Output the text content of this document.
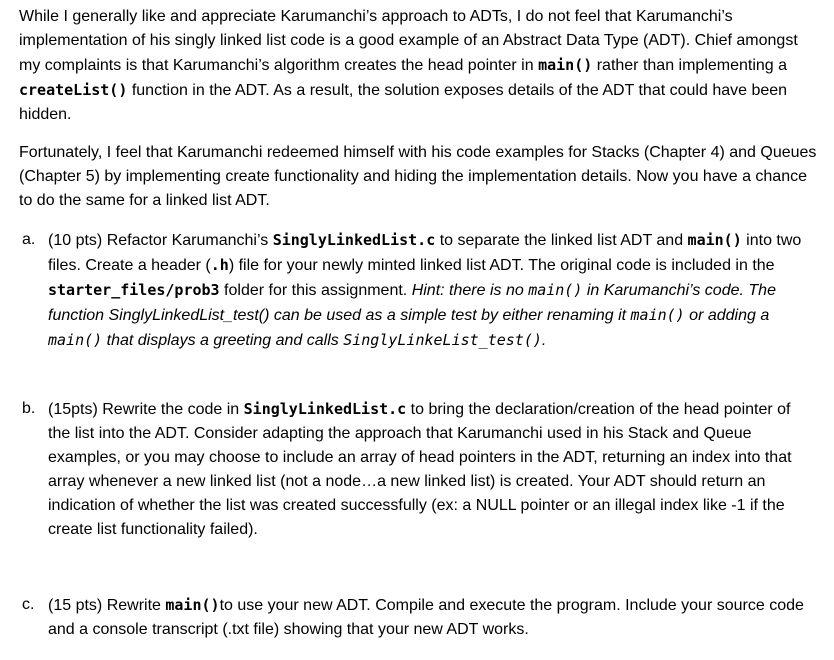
While I generally like and appreciate Karumanchi’s approach to ADTs, I do not feel that Karumanchi’s implementation of his singly linked list code is a good example of an Abstract Data Type (ADT). Chief amongst my complaints is that Karumanchi’s algorithm creates the head pointer in main() rather than implementing a createList() function in the ADT. As a result, the solution exposes details of the ADT that could have been hidden.
Fortunately, I feel that Karumanchi redeemed himself with his code examples for Stacks (Chapter 4) and Queues (Chapter 5) by implementing create functionality and hiding the implementation details. Now you have a chance to do the same for a linked list ADT.
a. (10 pts) Refactor Karumanchi’s SinglyLinkedList.c to separate the linked list ADT and main() into two files. Create a header (.h) file for your newly minted linked list ADT. The original code is included in the starter_files/prob3 folder for this assignment. Hint: there is no main() in Karumanchi’s code. The function SinglyLinkedList_test() can be used as a simple test by either renaming it main() or adding a main() that displays a greeting and calls SinglyLinkeList_test().
b. (15pts) Rewrite the code in SinglyLinkedList.c to bring the declaration/creation of the head pointer of the list into the ADT. Consider adapting the approach that Karumanchi used in his Stack and Queue examples, or you may choose to include an array of head pointers in the ADT, returning an index into that array whenever a new linked list (not a node…a new linked list) is created. Your ADT should return an indication of whether the list was created successfully (ex: a NULL pointer or an illegal index like -1 if the create list functionality failed).
c. (15 pts) Rewrite main()to use your new ADT. Compile and execute the program. Include your source code and a console transcript (.txt file) showing that your new ADT works.
